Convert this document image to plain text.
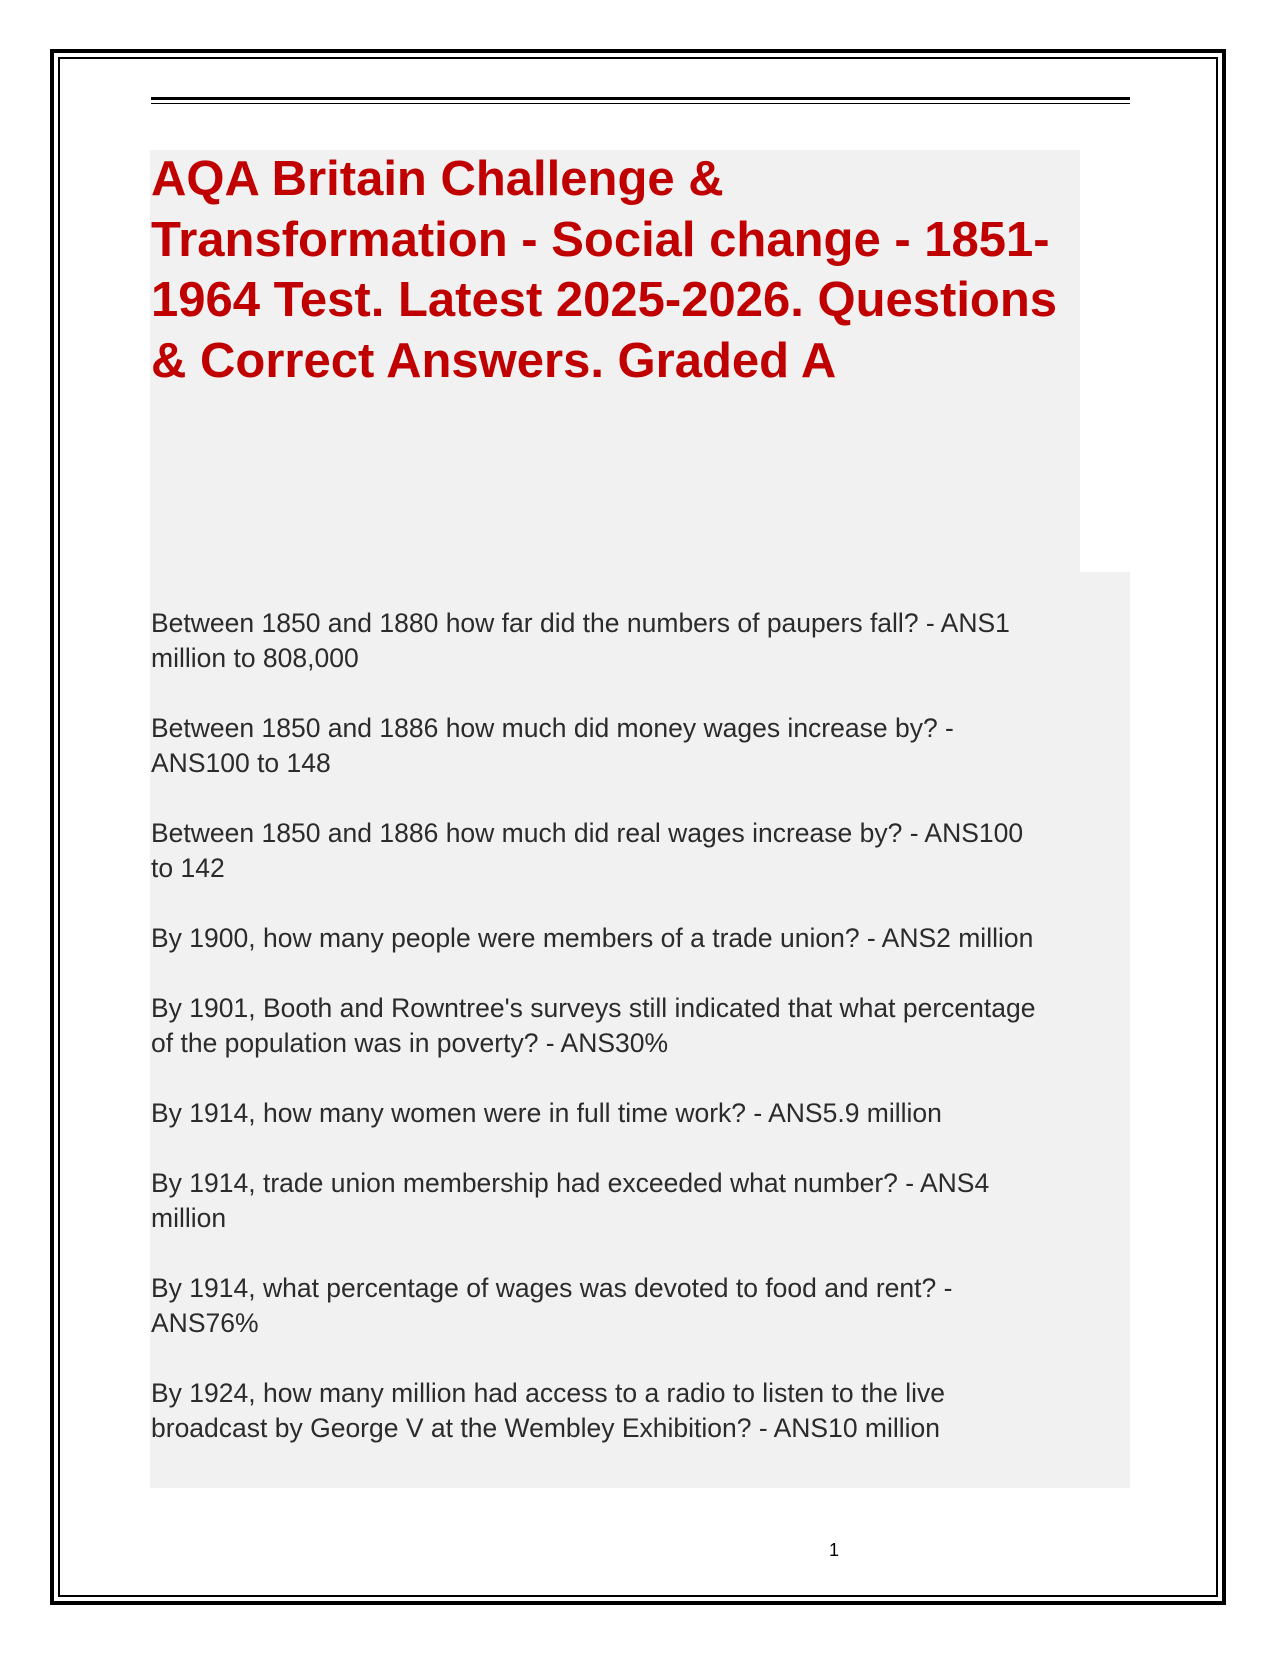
AQA Britain Challenge & Transformation - Social change - 1851-1964 Test. Latest 2025-2026. Questions & Correct Answers. Graded A
Between 1850 and 1880 how far did the numbers of paupers fall? - ANS1
million to 808,000
Between 1850 and 1886 how much did money wages increase by? -
ANS100 to 148
Between 1850 and 1886 how much did real wages increase by? - ANS100
to 142
By 1900, how many people were members of a trade union? - ANS2 million
By 1901, Booth and Rowntree's surveys still indicated that what percentage
of the population was in poverty? - ANS30%
By 1914, how many women were in full time work? - ANS5.9 million
By 1914, trade union membership had exceeded what number? - ANS4
million
By 1914, what percentage of wages was devoted to food and rent? -
ANS76%
By 1924, how many million had access to a radio to listen to the live
broadcast by George V at the Wembley Exhibition? - ANS10 million
1
